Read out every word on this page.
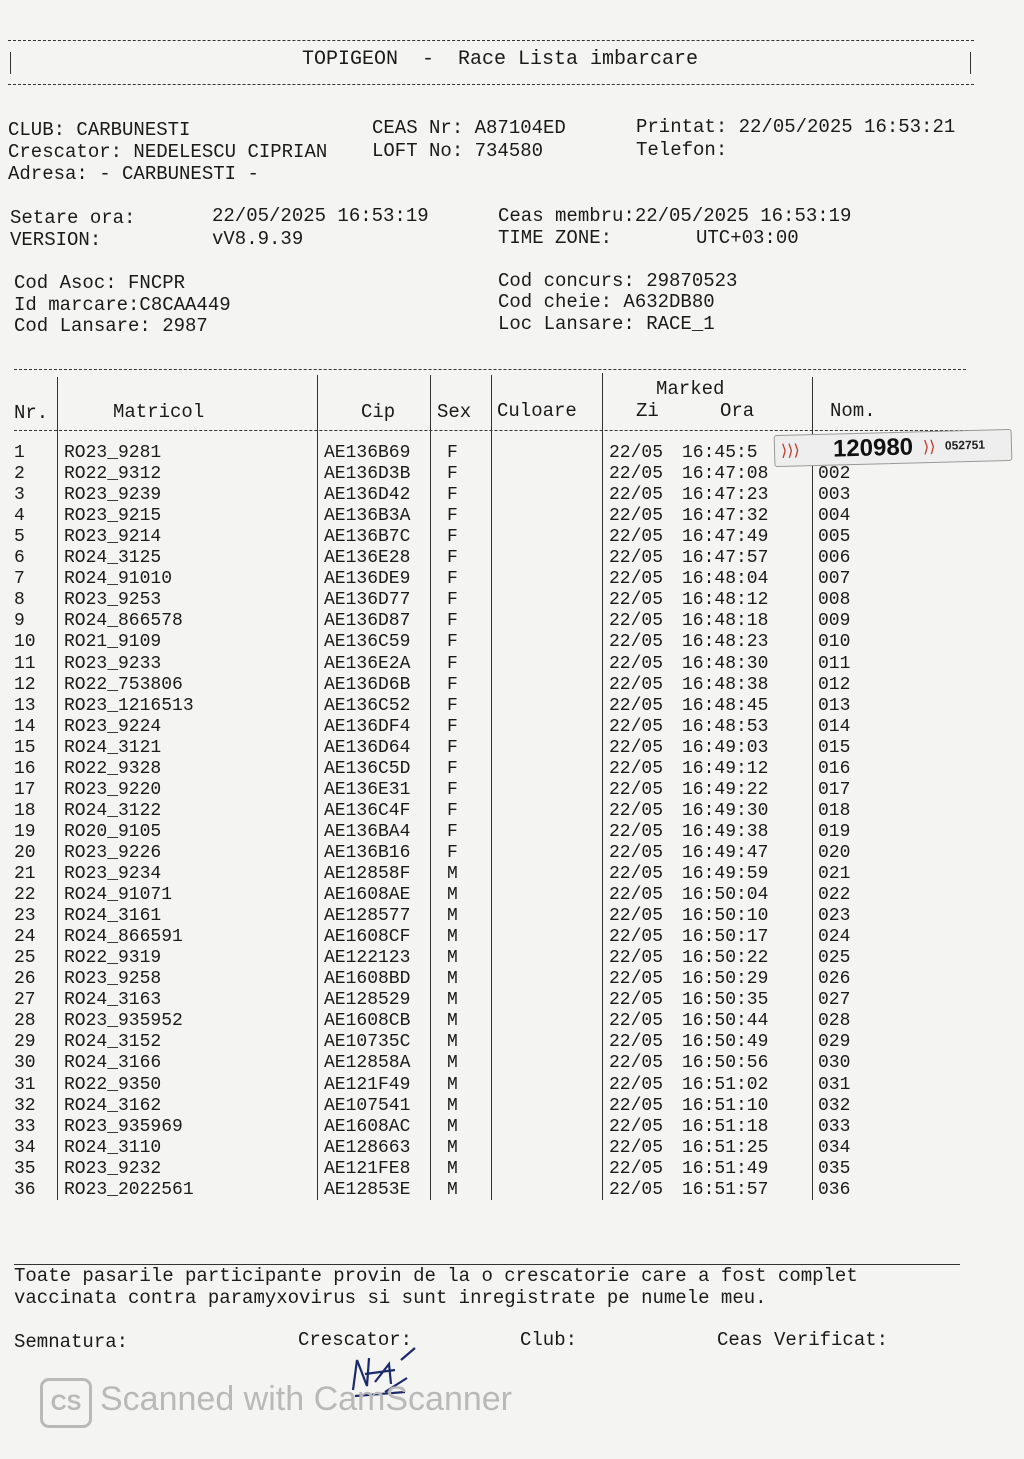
TOPIGEON  -  Race Lista imbarcare
CLUB: CARBUNESTI	CEAS Nr: A87104ED	Printat: 22/05/2025 16:53:21
Crescator: NEDELESCU CIPRIAN LOFT No: 734580	Telefon:
Adresa: - CARBUNESTI -
Setare ora:	22/05/2025 16:53:19	Ceas membru:22/05/2025 16:53:19
VERSION:	vV8.9.39	TIME ZONE:	UTC+03:00
Cod Asoc: FNCPR	Cod concurs: 29870523
Id marcare:C8CAA449	Cod cheie: A632DB80
Cod Lansare: 2987	Loc Lansare: RACE_1
Nr.	Matricol	Cip Sex Culoare
Marked
Zi	Ora	Nom.
1 RO23_9281	AE136B69 F	22/05 16:45:5
2 RO22_9312	AE136D3B F	22/05 16:47:08	002
3 RO23_9239	AE136D42 F	22/05 16:47:23	003
4 RO23_9215	AE136B3A F	22/05 16:47:32	004
5 RO23_9214	AE136B7C F	22/05 16:47:49	005
6 RO24_3125	AE136E28 F	22/05 16:47:57	006
7 RO24_91010	AE136DE9 F	22/05 16:48:04	007
8 RO23_9253	AE136D77 F	22/05 16:48:12	008
9 RO24_866578	AE136D87 F	22/05 16:48:18	009
10 RO21_9109	AE136C59 F	22/05 16:48:23	010
11 RO23_9233	AE136E2A F	22/05 16:48:30	011
12 RO22_753806	AE136D6B F	22/05 16:48:38	012
13 RO23_1216513	AE136C52 F	22/05 16:48:45	013
14 RO23_9224	AE136DF4 F	22/05 16:48:53	014
15 RO24_3121	AE136D64 F	22/05 16:49:03	015
16 RO22_9328	AE136C5D F	22/05 16:49:12	016
17 RO23_9220	AE136E31 F	22/05 16:49:22	017
18 RO24_3122	AE136C4F F	22/05 16:49:30	018
19 RO20_9105	AE136BA4 F	22/05 16:49:38	019
20 RO23_9226	AE136B16 F	22/05 16:49:47	020
21 RO23_9234	AE12858F M	22/05 16:49:59	021
22 RO24_91071	AE1608AE M	22/05 16:50:04	022
23 RO24_3161	AE128577 M	22/05 16:50:10	023
24 RO24_866591	AE1608CF M	22/05 16:50:17	024
25 RO22_9319	AE122123 M	22/05 16:50:22	025
26 RO23_9258	AE1608BD M	22/05 16:50:29	026
27 RO24_3163	AE128529 M	22/05 16:50:35	027
28 RO23_935952	AE1608CB M	22/05 16:50:44	028
29 RO24_3152	AE10735C M	22/05 16:50:49	029
30 RO24_3166	AE12858A M	22/05 16:50:56	030
31 RO22_9350	AE121F49 M	22/05 16:51:02	031
32 RO24_3162	AE107541 M	22/05 16:51:10	032
33 RO23_935969	AE1608AC M	22/05 16:51:18	033
34 RO24_3110	AE128663 M	22/05 16:51:25	034
35 RO23_9232	AE121FE8 M	22/05 16:51:49	035
36 RO23_2022561	AE12853E M	22/05 16:51:57	036
⟩⟩⟩ 120980 ⟩⟩ 052751
Toate pasarile participante provin de la o crescatorie care a fost complet
vaccinata contra paramyxovirus si sunt inregistrate pe numele meu.
Semnatura:	Crescator:	Club:	Ceas Verificat:
CS Scanned with CamScanner
